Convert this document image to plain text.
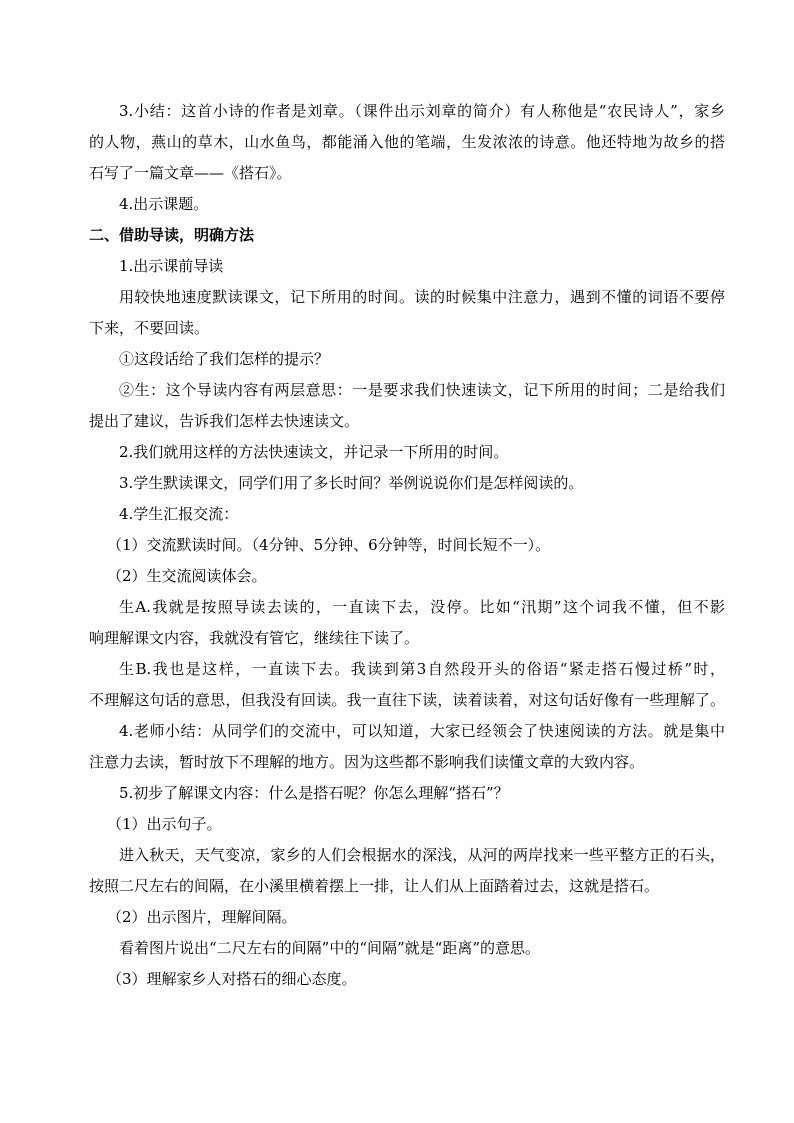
3.小结：这首小诗的作者是刘章。（课件出示刘章的简介）有人称他是“农民诗人”，家乡
的人物，燕山的草木，山水鱼鸟，都能涌入他的笔端，生发浓浓的诗意。他还特地为故乡的搭
石写了一篇文章——《搭石》。
4.出示课题。
二、借助导读，明确方法
1.出示课前导读
用较快地速度默读课文，记下所用的时间。读的时候集中注意力，遇到不懂的词语不要停
下来，不要回读。
①这段话给了我们怎样的提示？
②生：这个导读内容有两层意思：一是要求我们快速读文，记下所用的时间；二是给我们
提出了建议，告诉我们怎样去快速读文。
2.我们就用这样的方法快速读文，并记录一下所用的时间。
3.学生默读课文，同学们用了多长时间？举例说说你们是怎样阅读的。
4.学生汇报交流：
（1）交流默读时间。（4分钟、5分钟、6分钟等，时间长短不一）。
（2）生交流阅读体会。
生A.我就是按照导读去读的，一直读下去，没停。比如“汛期”这个词我不懂，但不影
响理解课文内容，我就没有管它，继续往下读了。
生B.我也是这样，一直读下去。我读到第3自然段开头的俗语“紧走搭石慢过桥”时，
不理解这句话的意思，但我没有回读。我一直往下读，读着读着，对这句话好像有一些理解了。
4.老师小结：从同学们的交流中，可以知道，大家已经领会了快速阅读的方法。就是集中
注意力去读，暂时放下不理解的地方。因为这些都不影响我们读懂文章的大致内容。
5.初步了解课文内容：什么是搭石呢？你怎么理解“搭石”？
（1）出示句子。
进入秋天，天气变凉，家乡的人们会根据水的深浅，从河的两岸找来一些平整方正的石头，
按照二尺左右的间隔，在小溪里横着摆上一排，让人们从上面踏着过去，这就是搭石。
（2）出示图片，理解间隔。
看着图片说出“二尺左右的间隔”中的“间隔”就是“距离”的意思。
（3）理解家乡人对搭石的细心态度。
